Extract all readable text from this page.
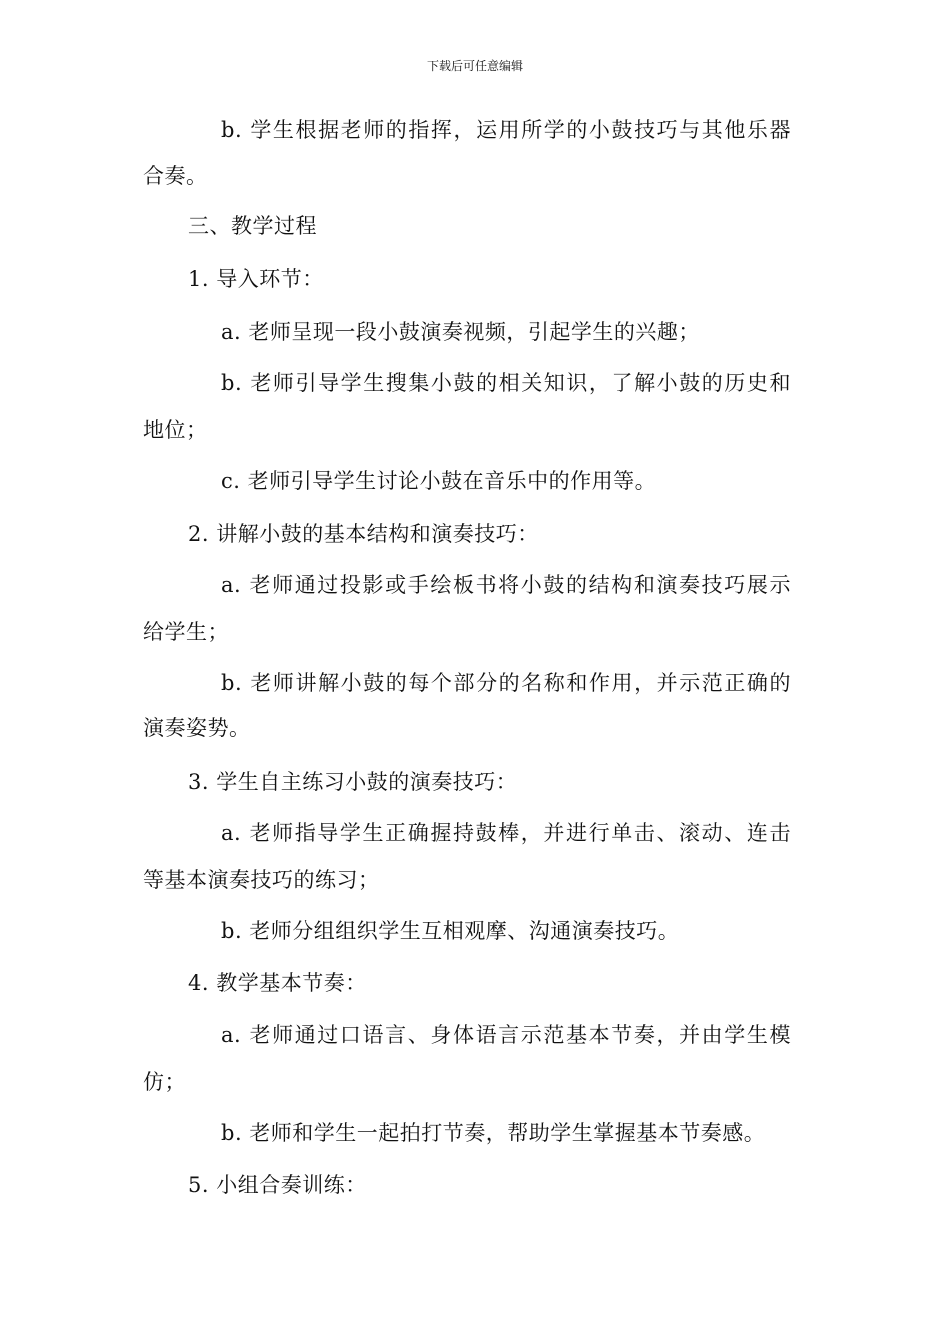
下载后可任意编辑
b. 学生根据老师的指挥，运用所学的小鼓技巧与其他乐器
合奏。
三、教学过程
1. 导入环节：
a. 老师呈现一段小鼓演奏视频，引起学生的兴趣；
b. 老师引导学生搜集小鼓的相关知识，了解小鼓的历史和
地位；
c. 老师引导学生讨论小鼓在音乐中的作用等。
2. 讲解小鼓的基本结构和演奏技巧：
a. 老师通过投影或手绘板书将小鼓的结构和演奏技巧展示
给学生；
b. 老师讲解小鼓的每个部分的名称和作用，并示范正确的
演奏姿势。
3. 学生自主练习小鼓的演奏技巧：
a. 老师指导学生正确握持鼓棒，并进行单击、滚动、连击
等基本演奏技巧的练习；
b. 老师分组组织学生互相观摩、沟通演奏技巧。
4. 教学基本节奏：
a. 老师通过口语言、身体语言示范基本节奏，并由学生模
仿；
b. 老师和学生一起拍打节奏，帮助学生掌握基本节奏感。
5. 小组合奏训练：
